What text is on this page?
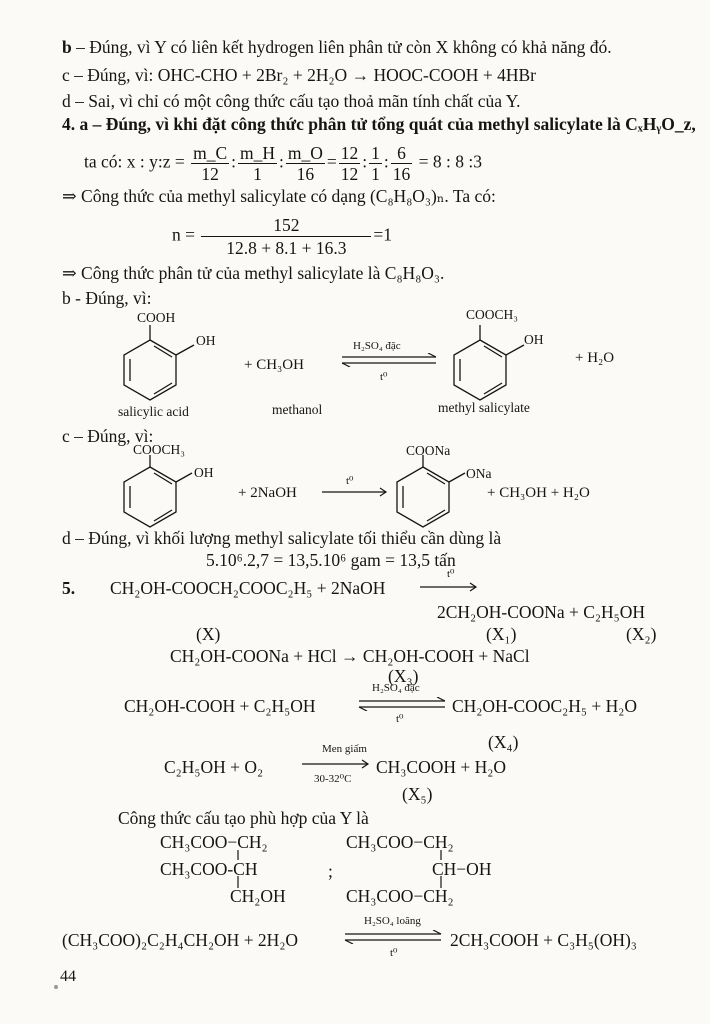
b – Đúng, vì Y có liên kết hydrogen liên phân tử còn X không có khả năng đó.
c – Đúng, vì: OHC-CHO + 2Br₂ + 2H₂O → HOOC-COOH + 4HBr
d – Sai, vì chỉ có một công thức cấu tạo thoả mãn tính chất của Y.
4. a – Đúng, vì khi đặt công thức phân tử tổng quát của methyl salicylate là CₓHᵧO_z,
ta có: x : y:z = $\frac{m\_C}{12}$ : $\frac{m\_H}{1}$ : $\frac{m\_O}{16} = \frac{12}{12}$ : $\frac{1}{1}$ : $\frac{6}{16} = 8$ : 8 :3
⇒ Công thức của methyl salicylate có dạng (C₈H₈O₃)ₙ. Ta có:
$n = \frac{152}{12.8 + 8.1 + 16.3} =1$
⇒ Công thức phân tử của methyl salicylate là C₈H₈O₃.
b - Đúng, vì:
COOH
OH
salicylic acid
+ CH₃OH
methanol
H₂SO₄ đặc
t⁰
COOCH₃
OH
+ H₂O
methyl salicylate
c – Đúng, vì:
COOCH₃
OH
+ 2NaOH
t⁰
COONa
ONa
+ CH₃OH + H₂O
d – Đúng, vì khối lượng methyl salicylate tối thiểu cần dùng là
5.10⁶.2,7 = 13,5.10⁶ gam = 13,5 tấn
5. CH₂OH-COOCH₂COOC₂H₅ + 2NaOH
t⁰
2CH₂OH-COONa + C₂H₅OH
(X)	(X₁)	(X₂)
CH₂OH-COONa + HCl → CH₂OH-COOH + NaCl
(X₃)
CH₂OH-COOH + C₂H₅OH
H₂SO₄ đặc
t⁰
CH₂OH-COOC₂H₅ + H₂O
(X₄)
C₂H₅OH + O₂
Men giấm
30-32⁰C
CH₃COOH + H₂O
(X₅)
Công thức cấu tạo phù hợp của Y là
CH₃COO−CH₂
CH₃COO-CH
CH₂OH
;
CH₃COO−CH₂
CH−OH
CH₃COO−CH₂
(CH₃COO)₂C₂H₄CH₂OH + 2H₂O
H₂SO₄ loãng
t⁰
2CH₃COOH + C₃H₅(OH)₃
44
